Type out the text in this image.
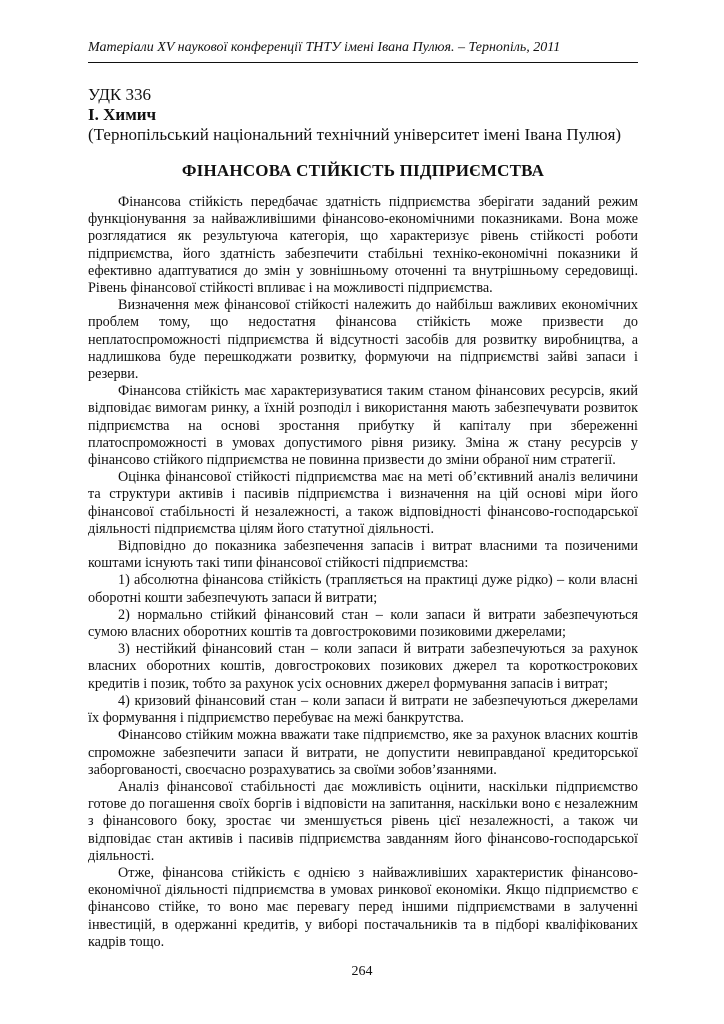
Матеріали XV наукової конференції ТНТУ імені Івана Пулюя. – Тернопіль, 2011
УДК 336
І. Химич
(Тернопільський національний технічний університет імені Івана Пулюя)
ФІНАНСОВА СТІЙКІСТЬ ПІДПРИЄМСТВА

Фінансова стійкість передбачає здатність підприємства зберігати заданий режим функціонування за найважливішими фінансово-економічними показниками. Вона може розглядатися як результуюча категорія, що характеризує рівень стійкості роботи підприємства, його здатність забезпечити стабільні техніко-економічні показники й ефективно адаптуватися до змін у зовнішньому оточенні та внутрішньому середовищі. Рівень фінансової стійкості впливає і на можливості підприємства.

Визначення меж фінансової стійкості належить до найбільш важливих економічних проблем тому, що недостатня фінансова стійкість може призвести до неплатоспроможності підприємства й відсутності засобів для розвитку виробництва, а надлишкова буде перешкоджати розвитку, формуючи на підприємстві зайві запаси і резерви.

Фінансова стійкість має характеризуватися таким станом фінансових ресурсів, який відповідає вимогам ринку, а їхній розподіл і використання мають забезпечувати розвиток підприємства на основі зростання прибутку й капіталу при збереженні платоспроможності в умовах допустимого рівня ризику. Зміна ж стану ресурсів у фінансово стійкого підприємства не повинна призвести до зміни обраної ним стратегії.

Оцінка фінансової стійкості підприємства має на меті об’єктивний аналіз величини та структури активів і пасивів підприємства і визначення на цій основі міри його фінансової стабільності й незалежності, а також відповідності фінансово-господарської діяльності підприємства цілям його статутної діяльності.

Відповідно до показника забезпечення запасів і витрат власними та позиченими коштами існують такі типи фінансової стійкості підприємства:

1) абсолютна фінансова стійкість (трапляється на практиці дуже рідко) – коли власні оборотні кошти забезпечують запаси й витрати;

2) нормально стійкий фінансовий стан – коли запаси й витрати забезпечуються сумою власних оборотних коштів та довгостроковими позиковими джерелами;

3) нестійкий фінансовий стан – коли запаси й витрати забезпечуються за рахунок власних оборотних коштів, довгострокових позикових джерел та короткострокових кредитів і позик, тобто за рахунок усіх основних джерел формування запасів і витрат;

4) кризовий фінансовий стан – коли запаси й витрати не забезпечуються джерелами їх формування і підприємство перебуває на межі банкрутства.

Фінансово стійким можна вважати таке підприємство, яке за рахунок власних коштів спроможне забезпечити запаси й витрати, не допустити невиправданої кредиторської заборгованості, своєчасно розрахуватись за своїми зобов’язаннями.

Аналіз фінансової стабільності дає можливість оцінити, наскільки підприємство готове до погашення своїх боргів і відповісти на запитання, наскільки воно є незалежним з фінансового боку, зростає чи зменшується рівень цієї незалежності, а також чи відповідає стан активів і пасивів підприємства завданням його фінансово-господарської діяльності.

Отже, фінансова стійкість є однією з найважливіших характеристик фінансово-економічної діяльності підприємства в умовах ринкової економіки. Якщо підприємство є фінансово стійке, то воно має перевагу перед іншими підприємствами в залученні інвестицій, в одержанні кредитів, у виборі постачальників та в підборі кваліфікованих кадрів тощо.

264
